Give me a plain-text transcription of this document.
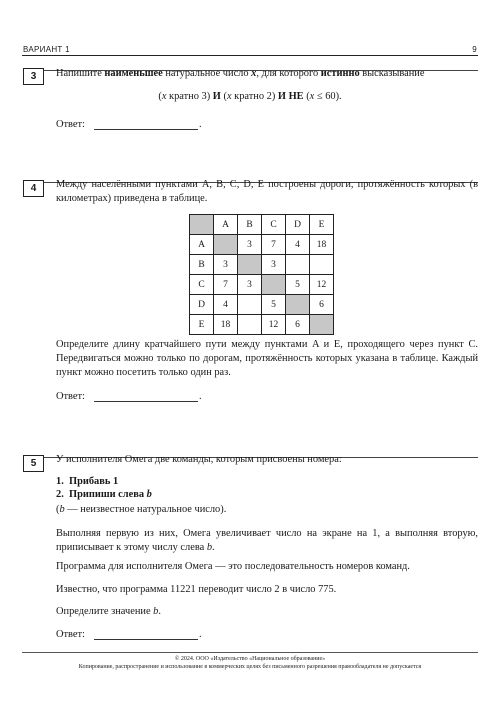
ВАРИАНТ 1	9
3	Напишите наименьшее натуральное число x, для которого истинно высказывание
(x кратно 3) И (x кратно 2) И НЕ (x ≤ 60).
Ответ:	.
4	Между населёнными пунктами A, B, C, D, E построены дороги, протяжённость которых (в километрах) приведена в таблице.
	A	B	C	D	E
A		3	7	4	18
B	3		3		
C	7	3		5	12
D	4		5		6
E	18		12	6	
Определите длину кратчайшего пути между пунктами A и E, проходящего через пункт C. Передвигаться можно только по дорогам, протяжённость которых указана в таблице. Каждый пункт можно посетить только один раз.
Ответ:	.
5	У исполнителя Омега две команды, которым присвоены номера:
1. Прибавь 1
2. Припиши слева b
(b — неизвестное натуральное число).
Выполняя первую из них, Омега увеличивает число на экране на 1, а выполняя вторую, приписывает к этому числу слева b.
Программа для исполнителя Омега — это последовательность номеров команд.
Известно, что программа 11221 переводит число 2 в число 775.
Определите значение b.
Ответ:	.
© 2024. ООО «Издательство «Национальное образование»
Копирование, распространение и использование в коммерческих целях без письменного разрешения правообладателя не допускается
